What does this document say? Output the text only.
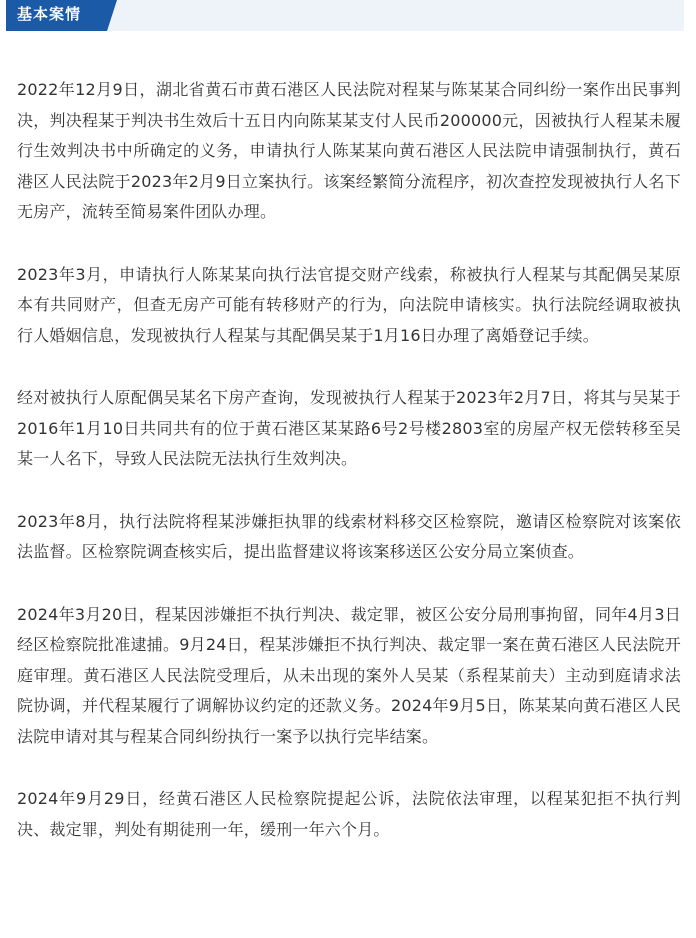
基本案情

2022年12月9日，湖北省黄石市黄石港区人民法院对程某与陈某某合同纠纷一案作出民事判决，判决程某于判决书生效后十五日内向陈某某支付人民币200000元，因被执行人程某未履行生效判决书中所确定的义务，申请执行人陈某某向黄石港区人民法院申请强制执行，黄石港区人民法院于2023年2月9日立案执行。该案经繁简分流程序，初次查控发现被执行人名下无房产，流转至简易案件团队办理。

2023年3月，申请执行人陈某某向执行法官提交财产线索，称被执行人程某与其配偶吴某原本有共同财产，但查无房产可能有转移财产的行为，向法院申请核实。执行法院经调取被执行人婚姻信息，发现被执行人程某与其配偶吴某于1月16日办理了离婚登记手续。

经对被执行人原配偶吴某名下房产查询，发现被执行人程某于2023年2月7日，将其与吴某于2016年1月10日共同共有的位于黄石港区某某路6号2号楼2803室的房屋产权无偿转移至吴某一人名下，导致人民法院无法执行生效判决。

2023年8月，执行法院将程某涉嫌拒执罪的线索材料移交区检察院，邀请区检察院对该案依法监督。区检察院调查核实后，提出监督建议将该案移送区公安分局立案侦查。

2024年3月20日，程某因涉嫌拒不执行判决、裁定罪，被区公安分局刑事拘留，同年4月3日经区检察院批准逮捕。9月24日，程某涉嫌拒不执行判决、裁定罪一案在黄石港区人民法院开庭审理。黄石港区人民法院受理后，从未出现的案外人吴某（系程某前夫）主动到庭请求法院协调，并代程某履行了调解协议约定的还款义务。2024年9月5日，陈某某向黄石港区人民法院申请对其与程某合同纠纷执行一案予以执行完毕结案。

2024年9月29日，经黄石港区人民检察院提起公诉，法院依法审理，以程某犯拒不执行判决、裁定罪，判处有期徒刑一年，缓刑一年六个月。
